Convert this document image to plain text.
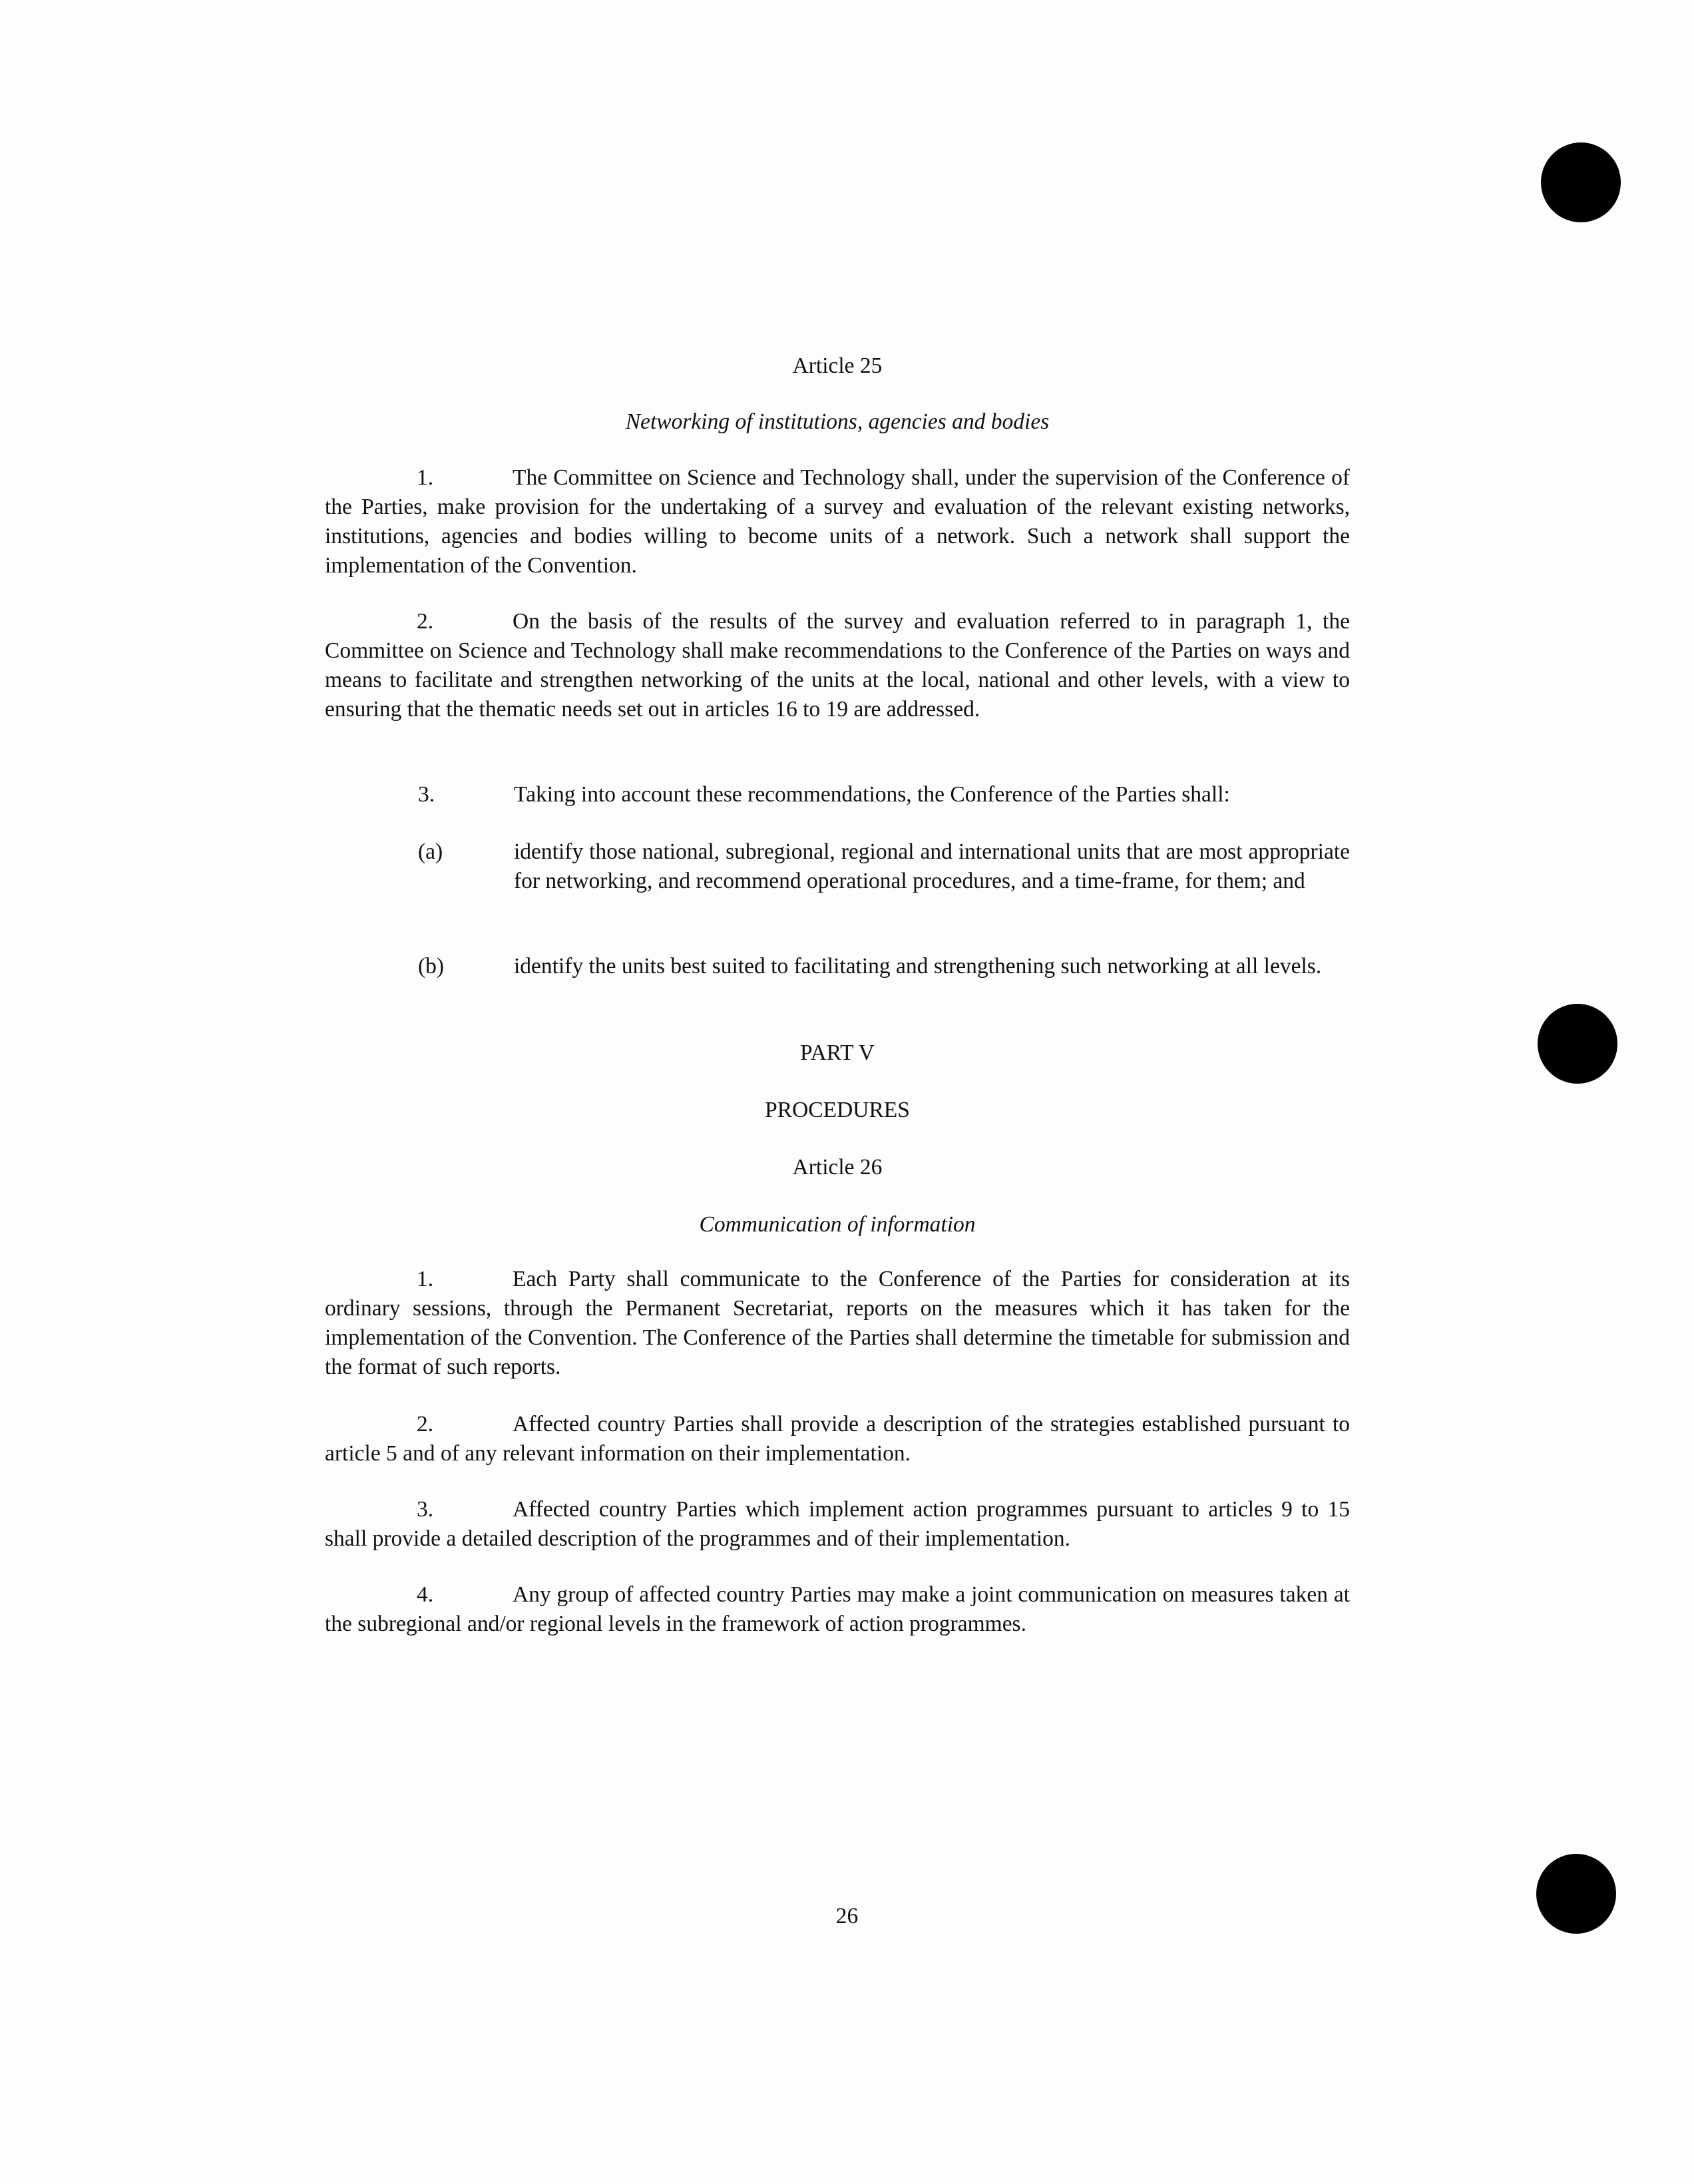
Article 25
Networking of institutions, agencies and bodies

1.	The Committee on Science and Technology shall, under the supervision of the Conference of the Parties, make provision for the undertaking of a survey and evaluation of the relevant existing networks, institutions, agencies and bodies willing to become units of a network. Such a network shall support the implementation of the Convention.

2.	On the basis of the results of the survey and evaluation referred to in paragraph 1, the Committee on Science and Technology shall make recommendations to the Conference of the Parties on ways and means to facilitate and strengthen networking of the units at the local, national and other levels, with a view to ensuring that the thematic needs set out in articles 16 to 19 are addressed.

3.	Taking into account these recommendations, the Conference of the Parties shall:
(a)	identify those national, subregional, regional and international units that are most appropriate for networking, and recommend operational procedures, and a time-frame, for them; and
(b)	identify the units best suited to facilitating and strengthening such networking at all levels.
PART V
PROCEDURES
Article 26
Communication of information

1.	Each Party shall communicate to the Conference of the Parties for consideration at its ordinary sessions, through the Permanent Secretariat, reports on the measures which it has taken for the implementation of the Convention. The Conference of the Parties shall determine the timetable for submission and the format of such reports.

2.	Affected country Parties shall provide a description of the strategies established pursuant to article 5 and of any relevant information on their implementation.

3.	Affected country Parties which implement action programmes pursuant to articles 9 to 15 shall provide a detailed description of the programmes and of their implementation.

4.	Any group of affected country Parties may make a joint communication on measures taken at the subregional and/or regional levels in the framework of action programmes.

26
